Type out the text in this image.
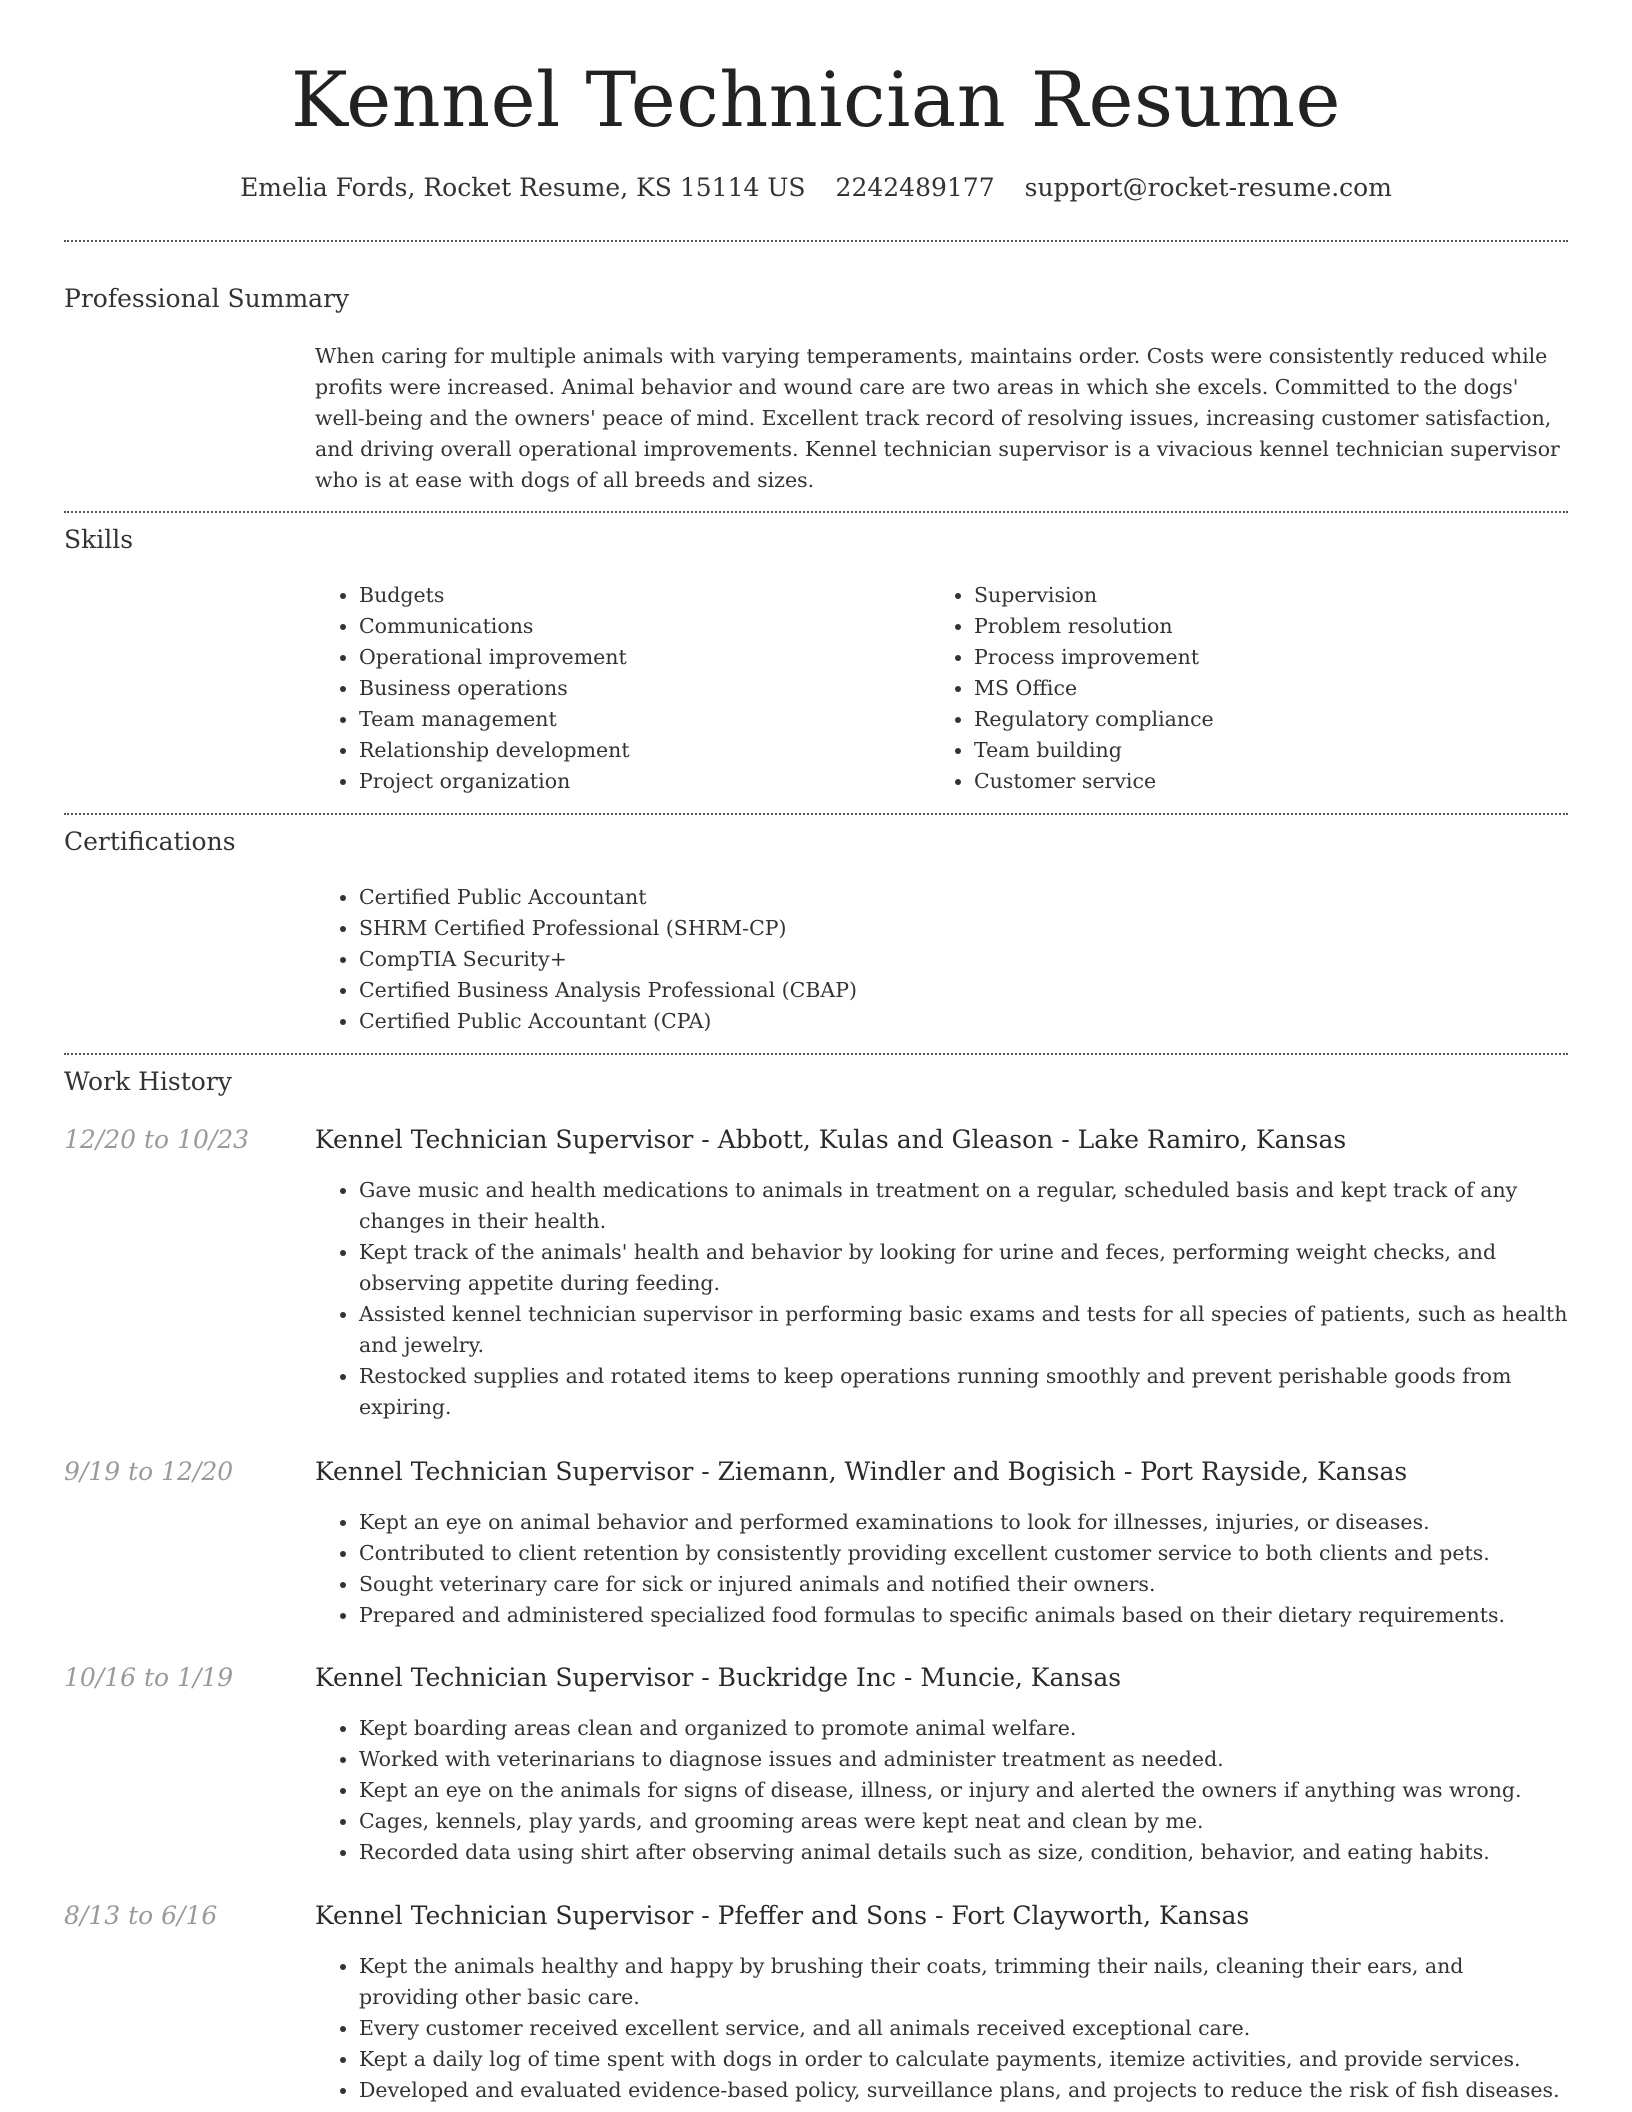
Kennel Technician Resume
Emelia Fords, Rocket Resume, KS 15114 US 2242489177 support@rocket-resume.com
Professional Summary
When caring for multiple animals with varying temperaments, maintains order. Costs were consistently reduced while profits were increased. Animal behavior and wound care are two areas in which she excels. Committed to the dogs' well-being and the owners' peace of mind. Excellent track record of resolving issues, increasing customer satisfaction, and driving overall operational improvements. Kennel technician supervisor is a vivacious kennel technician supervisor who is at ease with dogs of all breeds and sizes.
Skills
• Budgets
• Communications
• Operational improvement
• Business operations
• Team management
• Relationship development
• Project organization
• Supervision
• Problem resolution
• Process improvement
• MS Office
• Regulatory compliance
• Team building
• Customer service
Certifications
• Certified Public Accountant
• SHRM Certified Professional (SHRM-CP)
• CompTIA Security+
• Certified Business Analysis Professional (CBAP)
• Certified Public Accountant (CPA)
Work History
12/20 to 10/23	Kennel Technician Supervisor - Abbott, Kulas and Gleason - Lake Ramiro, Kansas
• Gave music and health medications to animals in treatment on a regular, scheduled basis and kept track of any changes in their health.
• Kept track of the animals' health and behavior by looking for urine and feces, performing weight checks, and observing appetite during feeding.
• Assisted kennel technician supervisor in performing basic exams and tests for all species of patients, such as health and jewelry.
• Restocked supplies and rotated items to keep operations running smoothly and prevent perishable goods from expiring.
9/19 to 12/20	Kennel Technician Supervisor - Ziemann, Windler and Bogisich - Port Rayside, Kansas
• Kept an eye on animal behavior and performed examinations to look for illnesses, injuries, or diseases.
• Contributed to client retention by consistently providing excellent customer service to both clients and pets.
• Sought veterinary care for sick or injured animals and notified their owners.
• Prepared and administered specialized food formulas to specific animals based on their dietary requirements.
10/16 to 1/19	Kennel Technician Supervisor - Buckridge Inc - Muncie, Kansas
• Kept boarding areas clean and organized to promote animal welfare.
• Worked with veterinarians to diagnose issues and administer treatment as needed.
• Kept an eye on the animals for signs of disease, illness, or injury and alerted the owners if anything was wrong.
• Cages, kennels, play yards, and grooming areas were kept neat and clean by me.
• Recorded data using shirt after observing animal details such as size, condition, behavior, and eating habits.
8/13 to 6/16	Kennel Technician Supervisor - Pfeffer and Sons - Fort Clayworth, Kansas
• Kept the animals healthy and happy by brushing their coats, trimming their nails, cleaning their ears, and providing other basic care.
• Every customer received excellent service, and all animals received exceptional care.
• Kept a daily log of time spent with dogs in order to calculate payments, itemize activities, and provide services.
• Developed and evaluated evidence-based policy, surveillance plans, and projects to reduce the risk of fish diseases.
